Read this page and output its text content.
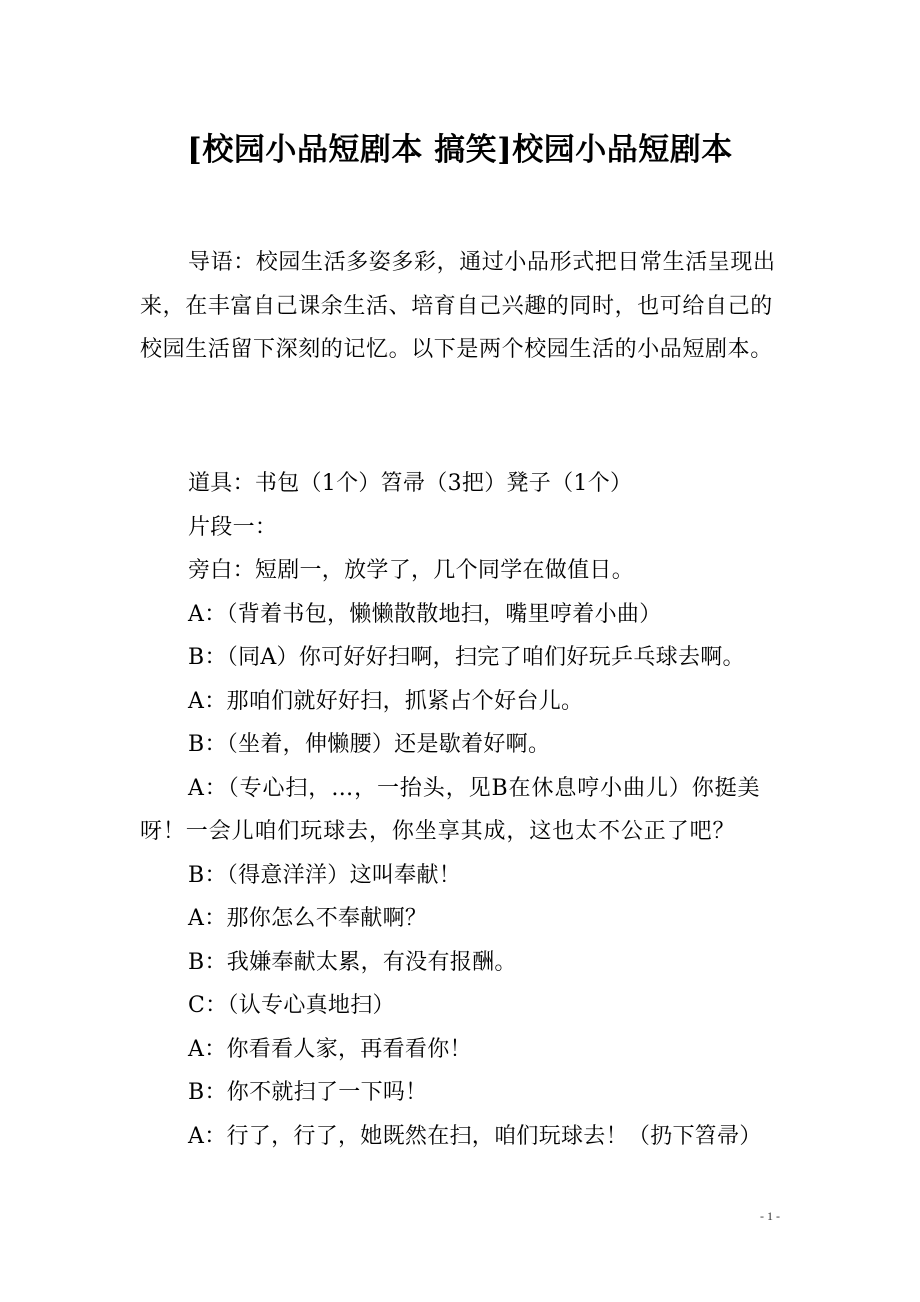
[校园小品短剧本 搞笑]校园小品短剧本

导语：校园生活多姿多彩，通过小品形式把日常生活呈现出来，在丰富自己课余生活、培育自己兴趣的同时，也可给自己的校园生活留下深刻的记忆。以下是两个校园生活的小品短剧本。

道具：书包（1个）笤帚（3把）凳子（1个）

片段一：

旁白：短剧一，放学了，几个同学在做值日。

A：（背着书包，懒懒散散地扫，嘴里哼着小曲）

B：（同A）你可好好扫啊，扫完了咱们好玩乒乓球去啊。

A：那咱们就好好扫，抓紧占个好台儿。

B：（坐着，伸懒腰）还是歇着好啊。

A：（专心扫，…，一抬头，见B在休息哼小曲儿）你挺美呀！一会儿咱们玩球去，你坐享其成，这也太不公正了吧？

B：（得意洋洋）这叫奉献！

A：那你怎么不奉献啊？

B：我嫌奉献太累，有没有报酬。

C：（认专心真地扫）

A：你看看人家，再看看你！

B：你不就扫了一下吗！

A：行了，行了，她既然在扫，咱们玩球去！（扔下笤帚）

- 1 -
